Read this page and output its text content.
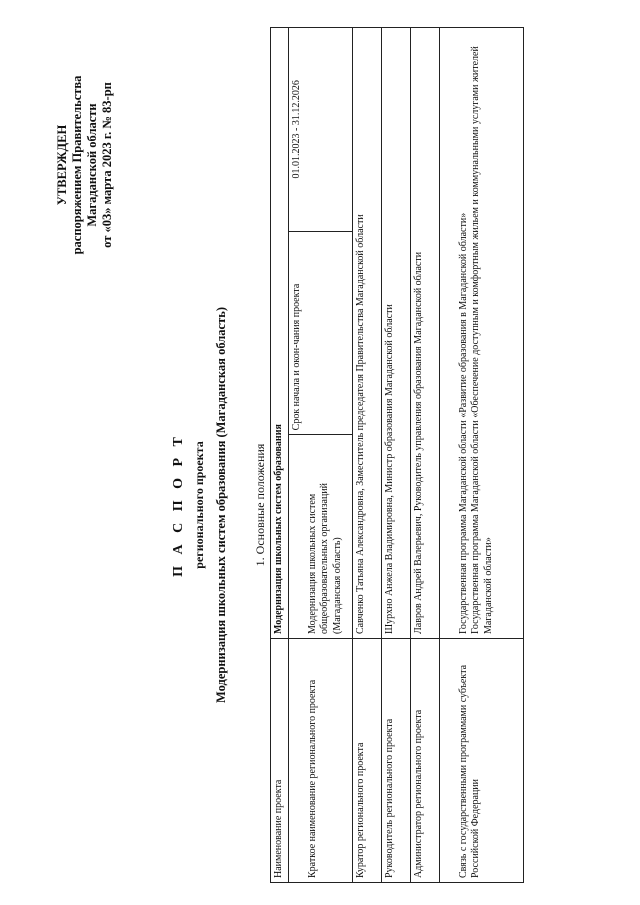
УТВЕРЖДЕН распоряжением Правительства Магаданской области от «03» марта 2023 г. № 83-рп
П А С П О Р Т регионального проекта Модернизация школьных систем образования (Магаданская область) 1. Основные положения
Наименование проекта	Модернизация школьных систем образования		

Краткое наименование регионального проекта	Модернизация школьных систем общеобразовательных организаций (Магаданская область)	Срок начала и окон-чания проекта	01.01.2023 - 31.12.2026
Куратор регионального проекта	Савченко Татьяна Александровна, Заместитель председателя Правительства Магаданской области		
Руководитель регионального проекта	Шурхно Анжела Владимировна, Министр образования Магаданской области		
Администратор регионального проекта	Лавров Андрей Валерьевич, Руководитель управления образования Магаданской области		

Связь с государственными программами субъекта Российской Федерации	Государственная программа Магаданской области «Развитие образования в Магаданской области» Государственная программа Магаданской области «Обеспечение доступным и комфортным жильем и коммунальными услугами жителей Магаданской области»		
